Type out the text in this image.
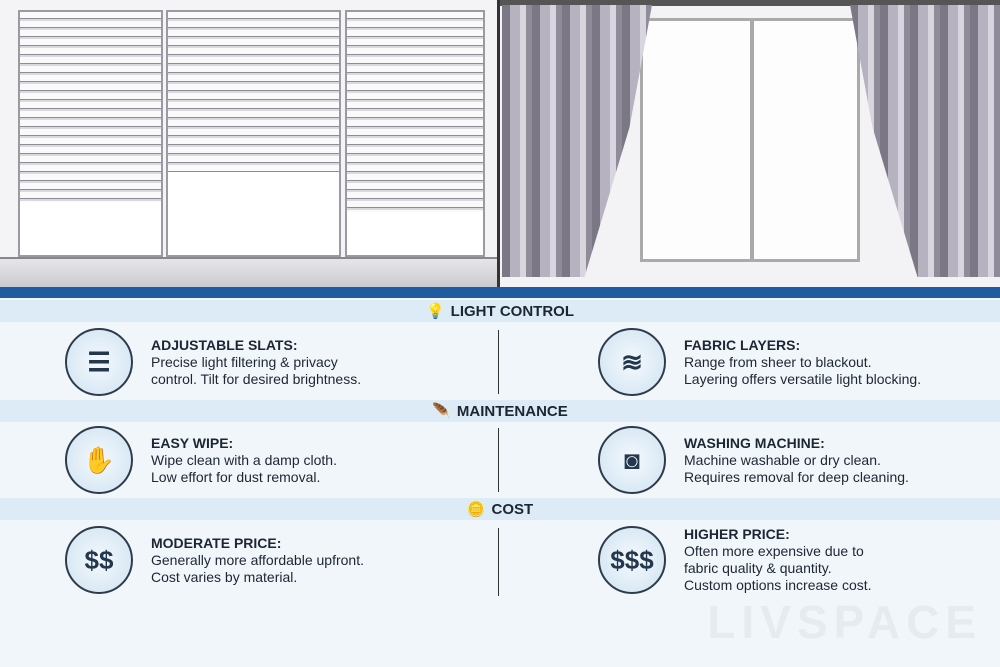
💡 LIGHT CONTROL
☰
ADJUSTABLE SLATS:

Precise light filtering & privacy

control. Tilt for desired brightness.

≋
FABRIC LAYERS:

Range from sheer to blackout.

Layering offers versatile light blocking.

🪶 MAINTENANCE
✋
EASY WIPE:

Wipe clean with a damp cloth.

Low effort for dust removal.

◙
WASHING MACHINE:

Machine washable or dry clean.

Requires removal for deep cleaning.

🪙 COST
$$
MODERATE PRICE:

Generally more affordable upfront.

Cost varies by material.

$$$
HIGHER PRICE:

Often more expensive due to

fabric quality & quantity.

Custom options increase cost.

LIVSPACE
